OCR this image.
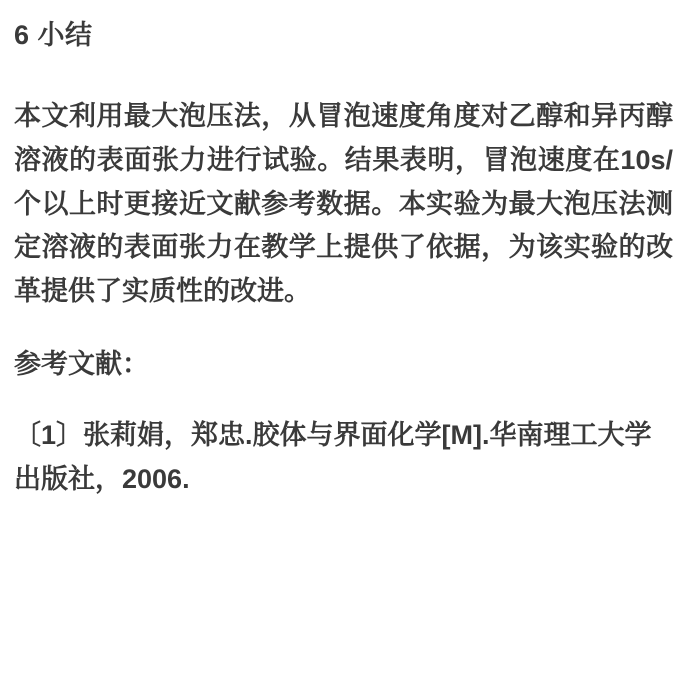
6 小结

本文利用最大泡压法，从冒泡速度角度对乙醇和异丙醇溶液的表面张力进行试验。结果表明，冒泡速度在10s/个以上时更接近文献参考数据。本实验为最大泡压法测定溶液的表面张力在教学上提供了依据，为该实验的改革提供了实质性的改进。

参考文献：

〔1〕张莉娟，郑忠.胶体与界面化学[M].华南理工大学出版社，2006.
